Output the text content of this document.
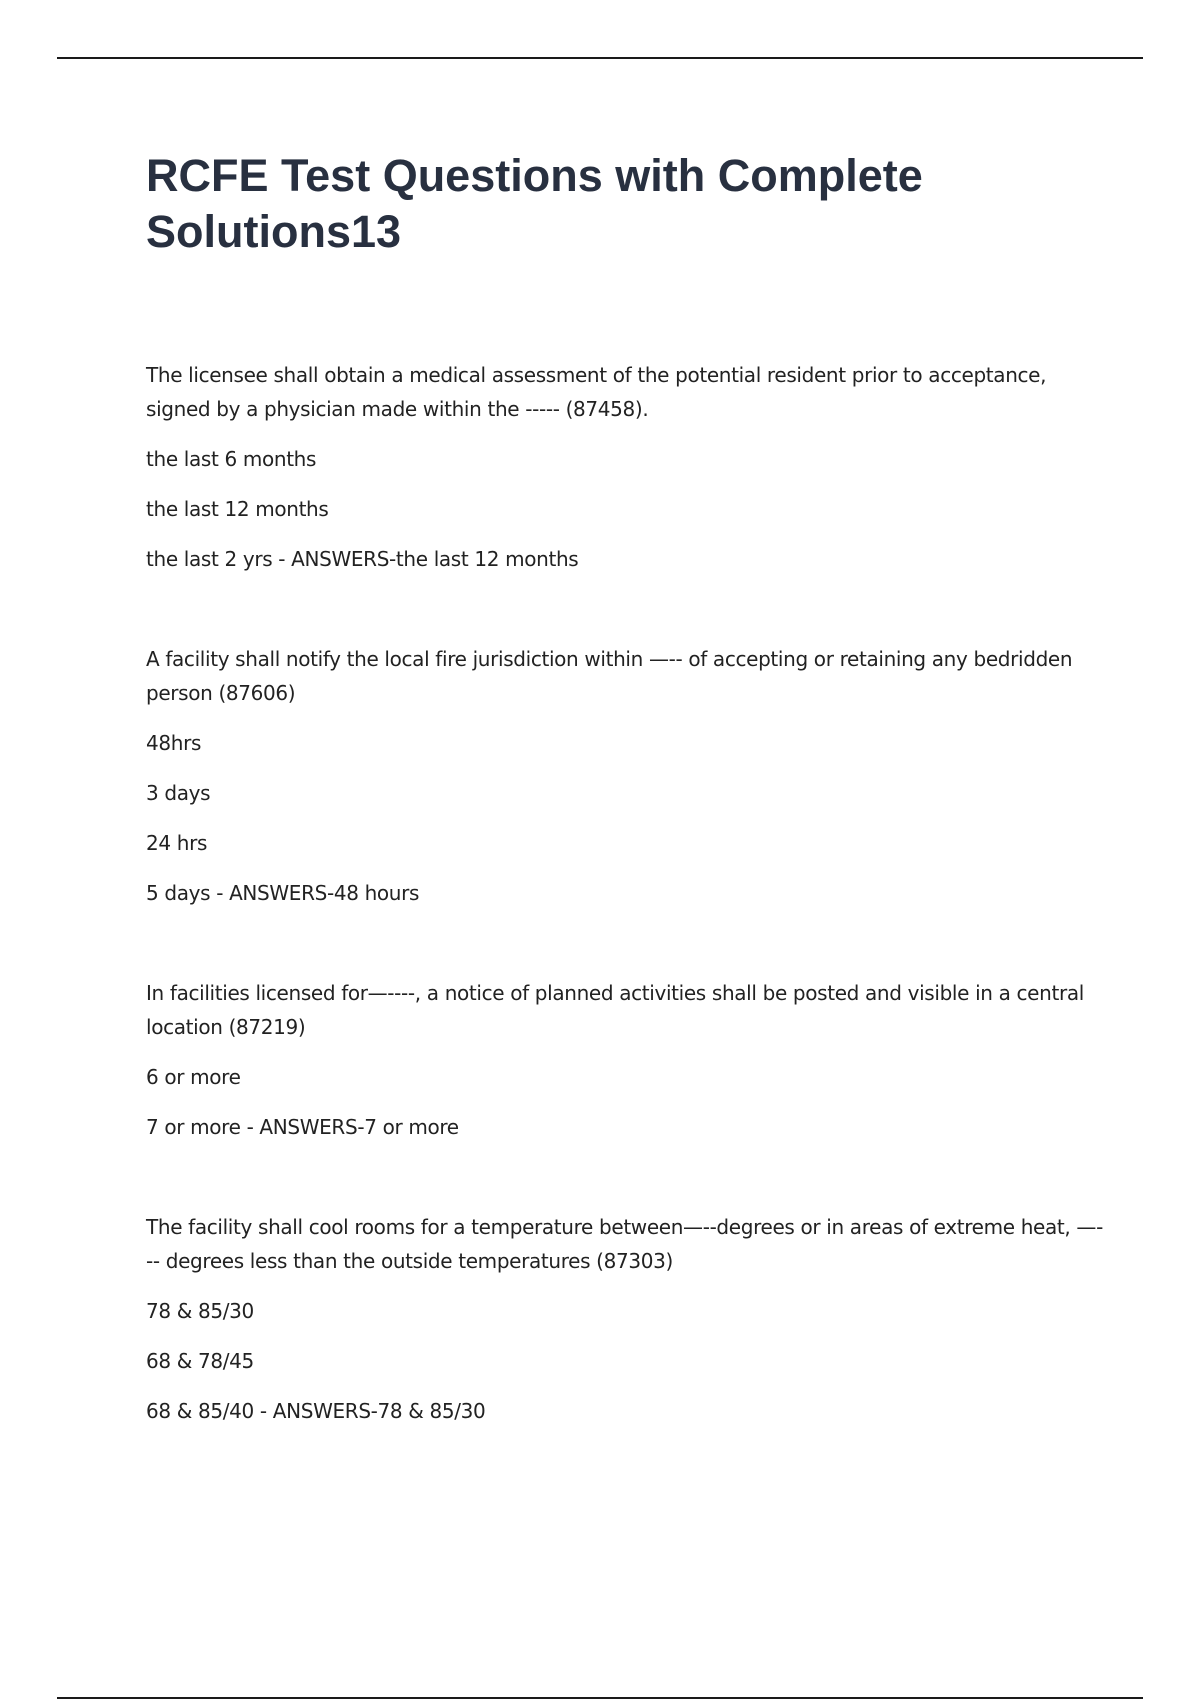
RCFE Test Questions with Complete Solutions13

The licensee shall obtain a medical assessment of the potential resident prior to acceptance, signed by a physician made within the ----- (87458).

the last 6 months

the last 12 months

the last 2 yrs - ANSWERS-the last 12 months

A facility shall notify the local fire jurisdiction within —-- of accepting or retaining any bedridden person (87606)

48hrs

3 days

24 hrs

5 days - ANSWERS-48 hours

In facilities licensed for—----, a notice of planned activities shall be posted and visible in a central location (87219)

6 or more

7 or more - ANSWERS-7 or more

The facility shall cool rooms for a temperature between—--degrees or in areas of extreme heat, —--- degrees less than the outside temperatures (87303)

78 & 85/30

68 & 78/45

68 & 85/40 - ANSWERS-78 & 85/30
